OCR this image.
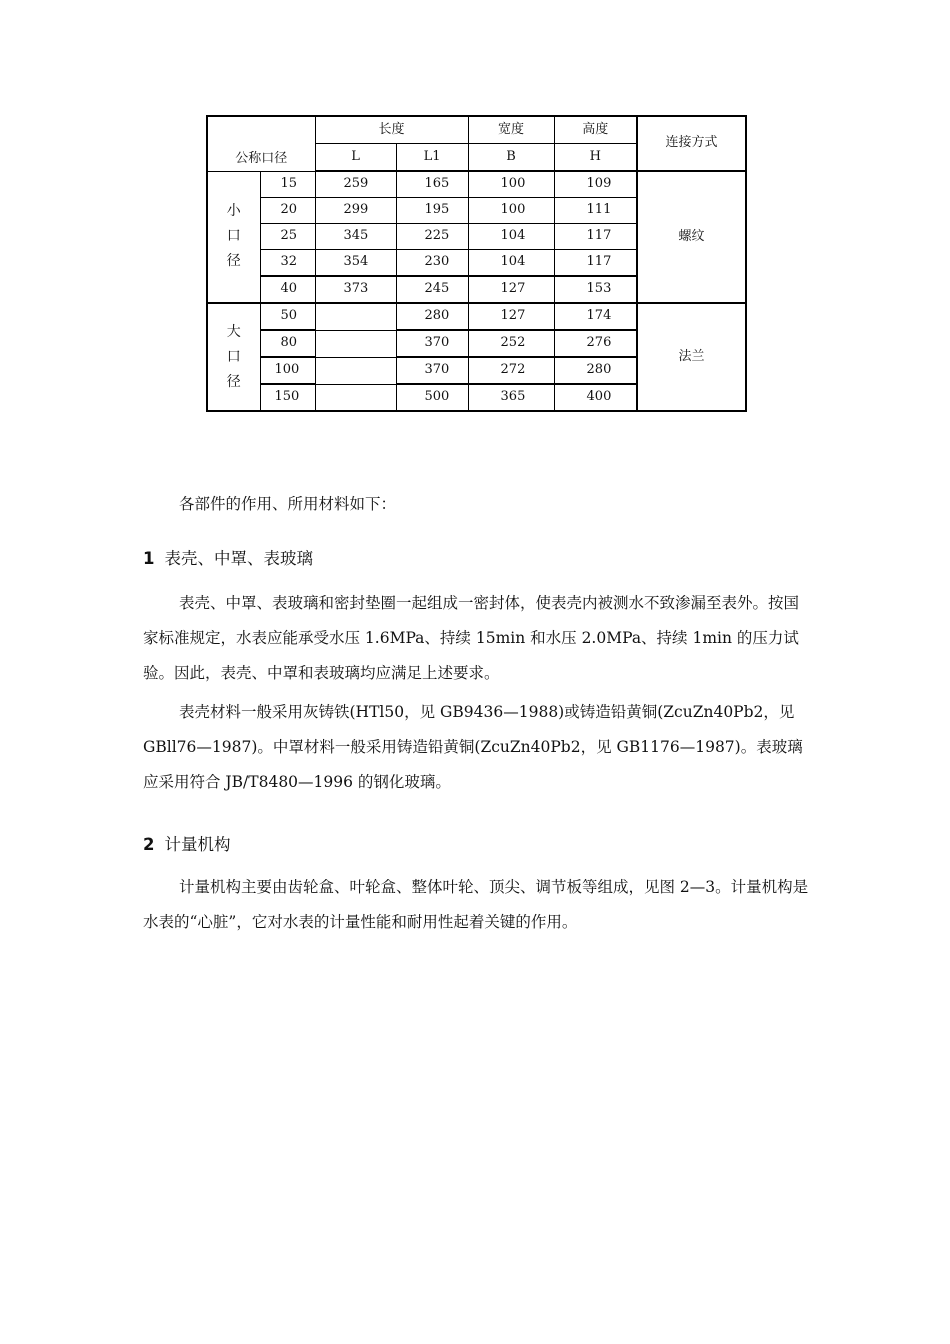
公称口径		长度		宽度	高度	连接方式
		L	L1	B	H	

小
口
径	15	259	165	100	109	螺纹
	20	299	195	100	111	
	25	345	225	104	117	
	32	354	230	104	117	
	40	373	245	127	153	

大
口
径	50		280	127	174	法兰
	80		370	252	276	
	100		370	272	280	
	150		500	365	400	

各部件的作用、所用材料如下：

1 表壳、中罩、表玻璃

表壳、中罩、表玻璃和密封垫圈一起组成一密封体，使表壳内被测水不致渗漏至表外。按国家标准规定，水表应能承受水压 1.6MPa、持续 15min 和水压 2.0MPa、持续 1min 的压力试验。因此，表壳、中罩和表玻璃均应满足上述要求。

表壳材料一般采用灰铸铁(HTl50，见 GB9436—1988)或铸造铅黄铜(ZcuZn40Pb2，见 GBll76—1987)。中罩材料一般采用铸造铅黄铜(ZcuZn40Pb2，见 GB1176—1987)。表玻璃应采用符合 JB/T8480—1996 的钢化玻璃。

2 计量机构

计量机构主要由齿轮盒、叶轮盒、整体叶轮、顶尖、调节板等组成，见图 2—3。计量机构是水表的“心脏”，它对水表的计量性能和耐用性起着关键的作用。
